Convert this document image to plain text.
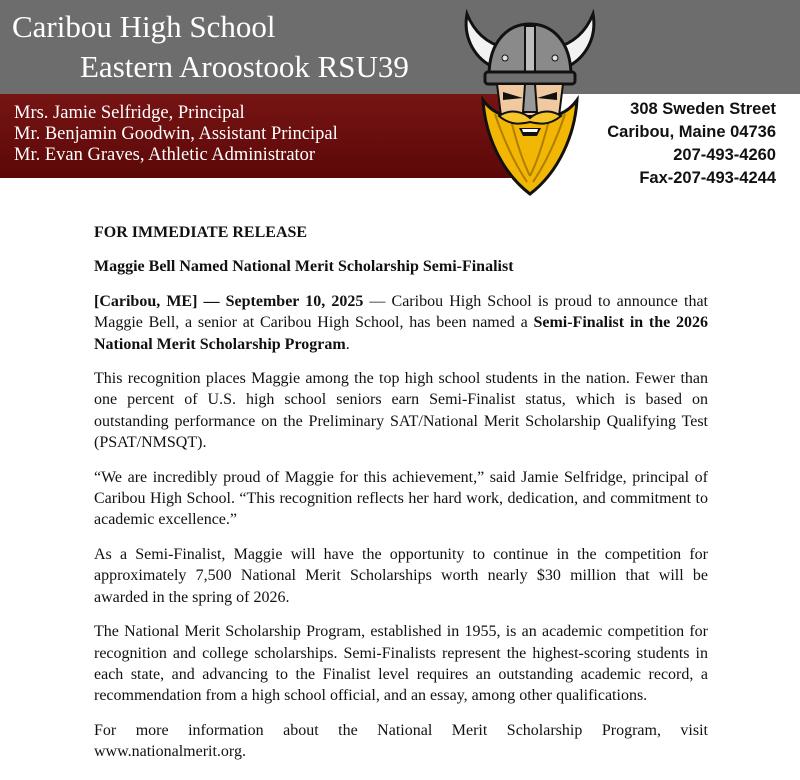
Caribou High School
Eastern Aroostook RSU39
Mrs. Jamie Selfridge, Principal
Mr. Benjamin Goodwin, Assistant Principal
Mr. Evan Graves, Athletic Administrator
308 Sweden Street
Caribou, Maine 04736
207-493-4260
Fax-207-493-4244

FOR IMMEDIATE RELEASE

Maggie Bell Named National Merit Scholarship Semi-Finalist

[Caribou, ME] — September 10, 2025 — Caribou High School is proud to announce that Maggie Bell, a senior at Caribou High School, has been named a Semi-Finalist in the 2026 National Merit Scholarship Program.

This recognition places Maggie among the top high school students in the nation. Fewer than one percent of U.S. high school seniors earn Semi-Finalist status, which is based on outstanding performance on the Preliminary SAT/National Merit Scholarship Qualifying Test (PSAT/NMSQT).

“We are incredibly proud of Maggie for this achievement,” said Jamie Selfridge, principal of Caribou High School. “This recognition reflects her hard work, dedication, and commitment to academic excellence.”

As a Semi-Finalist, Maggie will have the opportunity to continue in the competition for approximately 7,500 National Merit Scholarships worth nearly $30 million that will be awarded in the spring of 2026.

The National Merit Scholarship Program, established in 1955, is an academic competition for recognition and college scholarships. Semi-Finalists represent the highest-scoring students in each state, and advancing to the Finalist level requires an outstanding academic record, a recommendation from a high school official, and an essay, among other qualifications.

For more information about the National Merit Scholarship Program, visit
www.nationalmerit.org.
